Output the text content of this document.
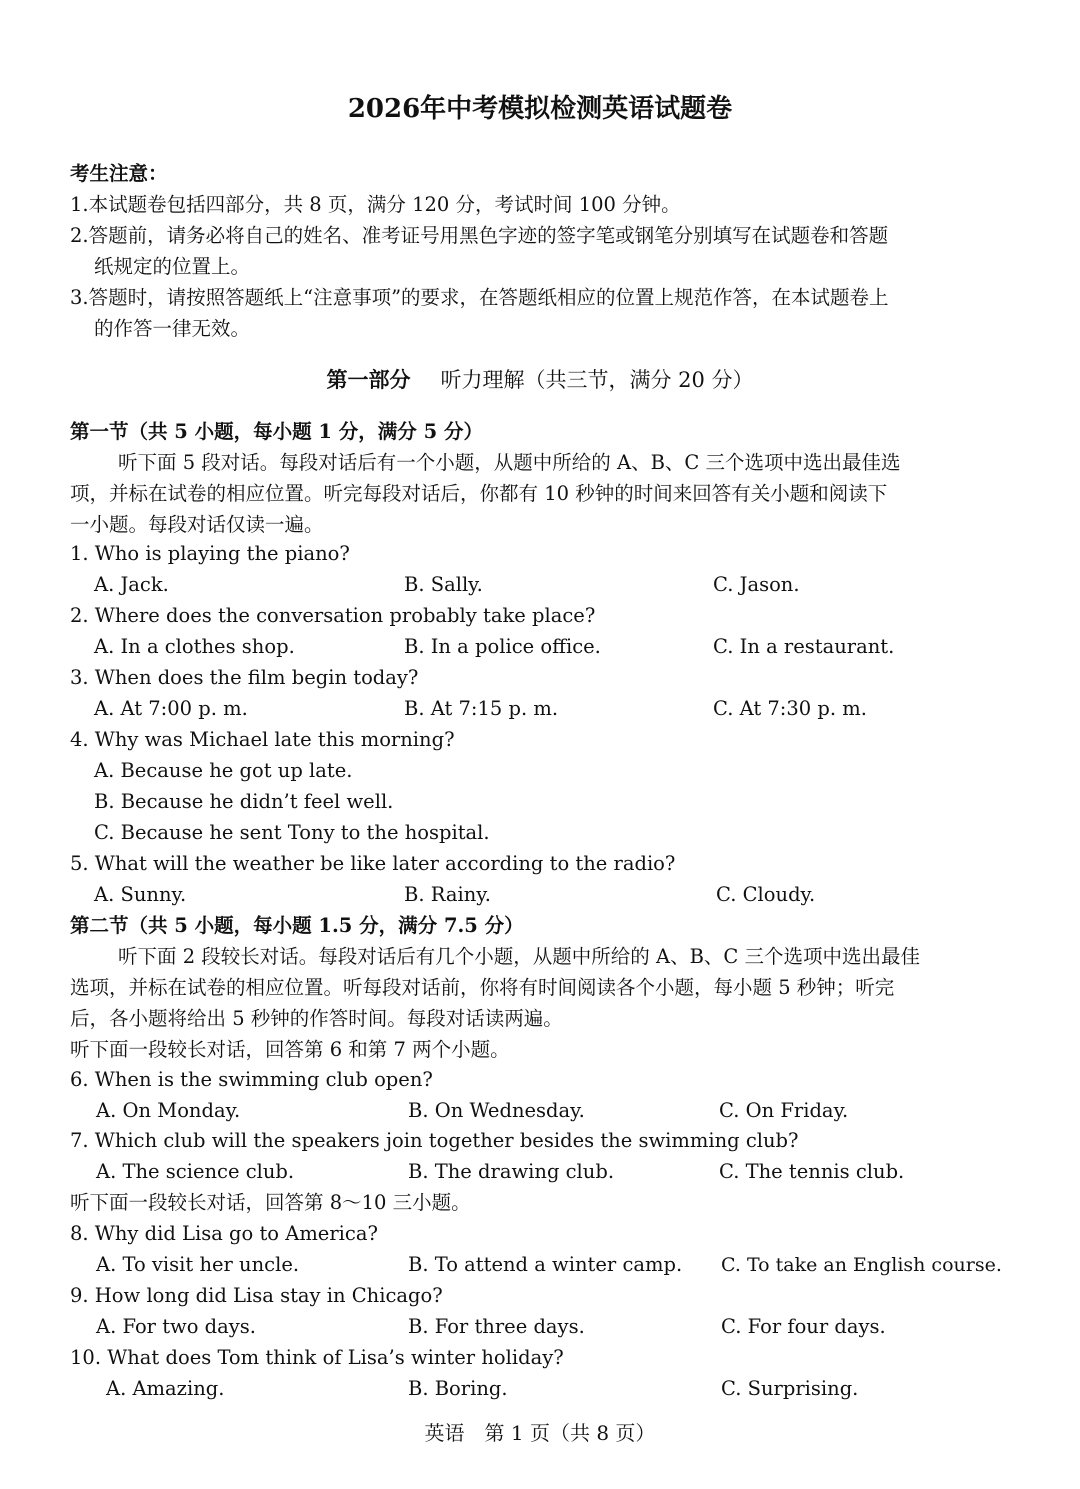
2026年中考模拟检测英语试题卷
考生注意：
1.本试题卷包括四部分，共 8 页，满分 120 分，考试时间 100 分钟。
2.答题前，请务必将自己的姓名、准考证号用黑色字迹的签字笔或钢笔分别填写在试题卷和答题
纸规定的位置上。
3.答题时，请按照答题纸上“注意事项”的要求，在答题纸相应的位置上规范作答，在本试题卷上
的作答一律无效。
第一部分 听力理解（共三节，满分 20 分）
第一节（共 5 小题，每小题 1 分，满分 5 分）
听下面 5 段对话。每段对话后有一个小题，从题中所给的 A、B、C 三个选项中选出最佳选
项，并标在试卷的相应位置。听完每段对话后，你都有 10 秒钟的时间来回答有关小题和阅读下
一小题。每段对话仅读一遍。
1. Who is playing the piano?
A. Jack.	B. Sally.	C. Jason.
2. Where does the conversation probably take place?
A. In a clothes shop.	B. In a police office.	C. In a restaurant.
3. When does the film begin today?
A. At 7:00 p. m.	B. At 7:15 p. m.	C. At 7:30 p. m.
4. Why was Michael late this morning?
A. Because he got up late.
B. Because he didn’t feel well.
C. Because he sent Tony to the hospital.
5. What will the weather be like later according to the radio?
A. Sunny.	B. Rainy.	C. Cloudy.
第二节（共 5 小题，每小题 1.5 分，满分 7.5 分）
听下面 2 段较长对话。每段对话后有几个小题，从题中所给的 A、B、C 三个选项中选出最佳
选项，并标在试卷的相应位置。听每段对话前，你将有时间阅读各个小题，每小题 5 秒钟；听完
后，各小题将给出 5 秒钟的作答时间。每段对话读两遍。
听下面一段较长对话，回答第 6 和第 7 两个小题。
6. When is the swimming club open?
A. On Monday.	B. On Wednesday.	C. On Friday.
7. Which club will the speakers join together besides the swimming club?
A. The science club.	B. The drawing club.	C. The tennis club.
听下面一段较长对话，回答第 8～10 三小题。
8. Why did Lisa go to America?
A. To visit her uncle.	B. To attend a winter camp. C. To take an English course.
9. How long did Lisa stay in Chicago?
A. For two days.	B. For three days.	C. For four days.
10. What does Tom think of Lisa’s winter holiday?
A. Amazing.	B. Boring.	C. Surprising.
英语　第 1 页（共 8 页）
